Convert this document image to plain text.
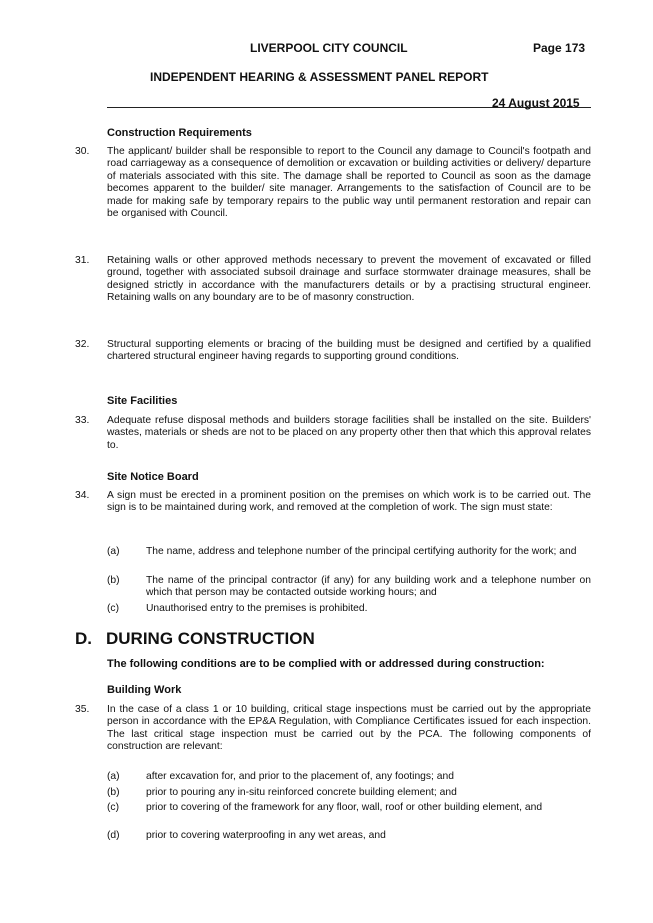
LIVERPOOL CITY COUNCIL	Page 173
INDEPENDENT HEARING & ASSESSMENT PANEL REPORT
24 August 2015
Construction Requirements
30.	The applicant/ builder shall be responsible to report to the Council any damage to Council's footpath and road carriageway as a consequence of demolition or excavation or building activities or delivery/ departure of materials associated with this site. The damage shall be reported to Council as soon as the damage becomes apparent to the builder/ site manager. Arrangements to the satisfaction of Council are to be made for making safe by temporary repairs to the public way until permanent restoration and repair can be organised with Council.
31.	Retaining walls or other approved methods necessary to prevent the movement of excavated or filled ground, together with associated subsoil drainage and surface stormwater drainage measures, shall be designed strictly in accordance with the manufacturers details or by a practising structural engineer. Retaining walls on any boundary are to be of masonry construction.
32.	Structural supporting elements or bracing of the building must be designed and certified by a qualified chartered structural engineer having regards to supporting ground conditions.
Site Facilities
33.	Adequate refuse disposal methods and builders storage facilities shall be installed on the site. Builders' wastes, materials or sheds are not to be placed on any property other then that which this approval relates to.
Site Notice Board
34.	A sign must be erected in a prominent position on the premises on which work is to be carried out. The sign is to be maintained during work, and removed at the completion of work. The sign must state:
(a)	The name, address and telephone number of the principal certifying authority for the work; and
(b)	The name of the principal contractor (if any) for any building work and a telephone number on which that person may be contacted outside working hours; and
(c)	Unauthorised entry to the premises is prohibited.
D. DURING CONSTRUCTION
The following conditions are to be complied with or addressed during construction:
Building Work
35.	In the case of a class 1 or 10 building, critical stage inspections must be carried out by the appropriate person in accordance with the EP&A Regulation, with Compliance Certificates issued for each inspection. The last critical stage inspection must be carried out by the PCA. The following components of construction are relevant:
(a)	after excavation for, and prior to the placement of, any footings; and
(b)	prior to pouring any in-situ reinforced concrete building element; and
(c)	prior to covering of the framework for any floor, wall, roof or other building element, and
(d)	prior to covering waterproofing in any wet areas, and
